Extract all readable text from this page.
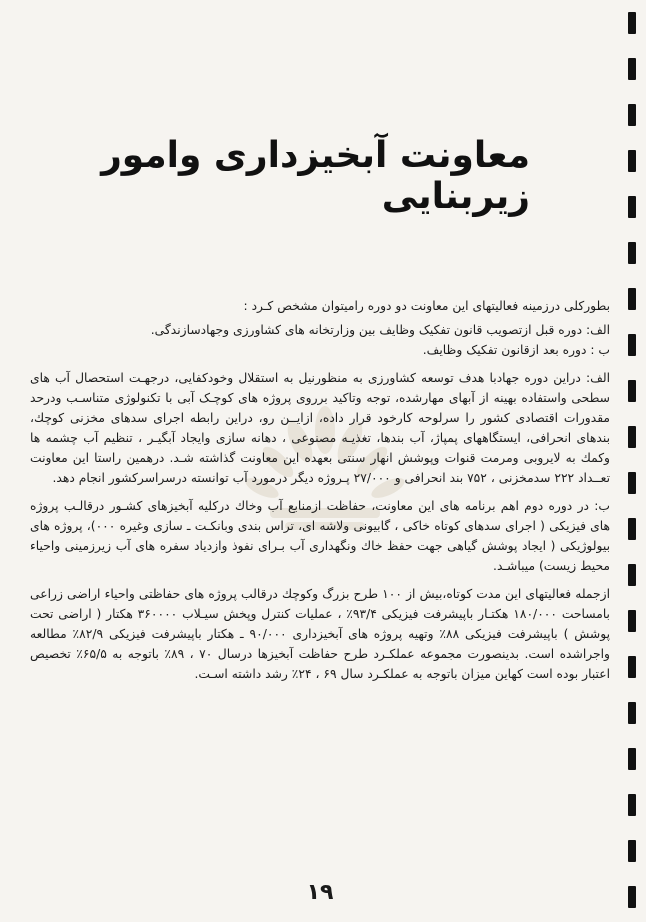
معاونت آبخیزداری وامور زیربنایی

بطورکلی درزمینه فعالیتهای این معاونت دو دوره رامیتوان مشخص کـرد :

الف: دوره قبل ازتصویب قانون تفکیک وظایف بین وزارتخانه های کشاورزی وجهادسازندگی.

ب : دوره بعد ازقانون تفکیک وظایف.

الف: دراین دوره جهادبا هدف توسعه کشاورزی به منظورنیل به استقلال وخودکفایی، درجهـت استحصال آب های سطحی واستفاده بهینه از آبهای مهارشده، توجه وتاکید برروی پروژه های کوچـک آبی با تکنولوژی متناسـب ودرحد مقدورات اقتصادی کشور را سرلوحه کارخود قرار داده، ازایــن رو، دراین رابطه اجرای سدهای مخزنی کوچك، بندهای انحرافی، ایستگاههای پمپاژ، آب بندها، تغذیـه مصنوعی ، دهانه سازی وایجاد آبگیـر ، تنظیم آب چشمه ها وکمك به لایروبی ومرمت قنوات وپوشش انهار سنتی بعهده این معاونت گذاشته شـد. درهمین راستا این معاونت تعــداد ۲۲۲ سدمخزنی ، ۷۵۲ بند انحرافی و ۲۷/۰۰۰ پـروژه دیگر درمورد آب توانسته درسراسرکشور انجام دهد.

ب: در دوره دوم اهم برنامه های این معاونت، حفاظت ازمنابع آب وخاك درکلیه آبخیزهای کشـور درقالـب پروژه های فیزیکی ( اجرای سدهای کوتاه خاکی ، گابیونی ولاشه ای، تراس بندی وبانکـت ـ سازی وغیره ۰۰۰)، پروژه های بیولوژیکی ( ایجاد پوشش گیاهی جهت حفظ خاك ونگهداری آب بـرای نفوذ وازدیاد سفره های آب زیرزمینی واحیاء محیط زیست) میباشـد.

ازجمله فعالیتهای این مدت کوتاه،بیش از ۱۰۰ طرح بزرگ وکوچك درقالب پروژه های حفاظتی واحیاء اراضی زراعی بامساحت ۱۸۰/۰۰۰ هکتـار باپیشرفت فیزیکی ۹۳/۴٪ ، عملیات کنترل وپخش سیـلاب ۳۶۰۰۰۰ هکتار ( اراضی تحت پوشش ) باپیشرفت فیزیکی ۸۸٪ وتهیه پروژه های آبخیزداری ۹۰/۰۰۰ ـ هکتار باپیشرفت فیزیکی ۸۲/۹٪ مطالعه واجراشده است. بدینصورت مجموعه عملکـرد طرح حفاظت آبخیزها درسال ۷۰ ، ۸۹٪ باتوجه به ۶۵/۵٪ تخصیص اعتبار بوده است کهاین میزان باتوجه به عملکـرد سال ۶۹ ، ۲۴٪ رشد داشته اسـت.

۱۹
